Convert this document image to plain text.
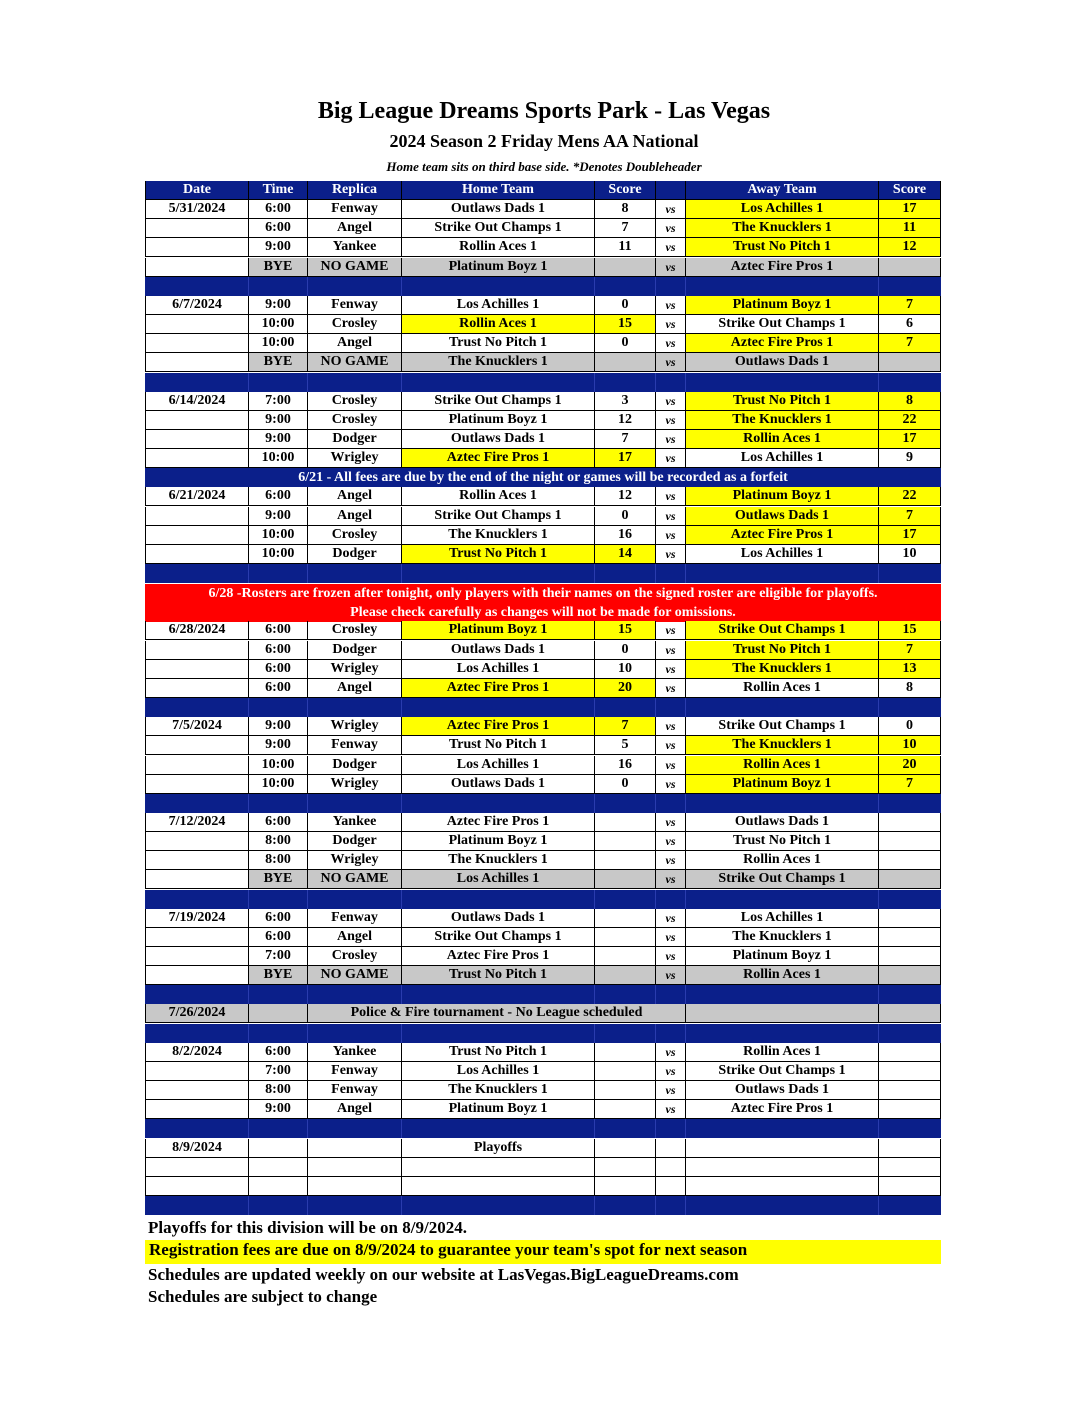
Big League Dreams Sports Park - Las Vegas
2024 Season 2 Friday Mens AA National
Home team sits on third base side. *Denotes Doubleheader
Date	Time	Replica	Home Team	Score	Away Team	Score
5/31/2024	6:00	Fenway	Outlaws Dads 1	8	vs	Los Achilles 1	17
6:00	Angel	Strike Out Champs 1	7	vs	The Knucklers 1	11
9:00	Yankee	Rollin Aces 1	11	vs	Trust No Pitch 1	12
BYE	NO GAME	Platinum Boyz 1	vs	Aztec Fire Pros 1
6/7/2024	9:00	Fenway	Los Achilles 1	0	vs	Platinum Boyz 1	7
10:00	Crosley	Rollin Aces 1	15	vs	Strike Out Champs 1	6
10:00	Angel	Trust No Pitch 1	0	vs	Aztec Fire Pros 1	7
BYE	NO GAME	The Knucklers 1	vs	Outlaws Dads 1
6/14/2024	7:00	Crosley	Strike Out Champs 1	3	vs	Trust No Pitch 1	8
9:00	Crosley	Platinum Boyz 1	12	vs	The Knucklers 1	22
9:00	Dodger	Outlaws Dads 1	7	vs	Rollin Aces 1	17
10:00	Wrigley	Aztec Fire Pros 1	17	vs	Los Achilles 1	9
6/21 - All fees are due by the end of the night or games will be recorded as a forfeit
6/21/2024	6:00	Angel	Rollin Aces 1	12	vs	Platinum Boyz 1	22
9:00	Angel	Strike Out Champs 1	0	vs	Outlaws Dads 1	7
10:00	Crosley	The Knucklers 1	16	vs	Aztec Fire Pros 1	17
10:00	Dodger	Trust No Pitch 1	14	vs	Los Achilles 1	10
6/28 -Rosters are frozen after tonight, only players with their names on the signed roster are eligible for playoffs.
Please check carefully as changes will not be made for omissions.
6/28/2024	6:00	Crosley	Platinum Boyz 1	15	vs	Strike Out Champs 1	15
6:00	Dodger	Outlaws Dads 1	0	vs	Trust No Pitch 1	7
6:00	Wrigley	Los Achilles 1	10	vs	The Knucklers 1	13
6:00	Angel	Aztec Fire Pros 1	20	vs	Rollin Aces 1	8
7/5/2024	9:00	Wrigley	Aztec Fire Pros 1	7	vs	Strike Out Champs 1	0
9:00	Fenway	Trust No Pitch 1	5	vs	The Knucklers 1	10
10:00	Dodger	Los Achilles 1	16	vs	Rollin Aces 1	20
10:00	Wrigley	Outlaws Dads 1	0	vs	Platinum Boyz 1	7
7/12/2024	6:00	Yankee	Aztec Fire Pros 1	vs	Outlaws Dads 1
8:00	Dodger	Platinum Boyz 1	vs	Trust No Pitch 1
8:00	Wrigley	The Knucklers 1	vs	Rollin Aces 1
BYE	NO GAME	Los Achilles 1	vs	Strike Out Champs 1
7/19/2024	6:00	Fenway	Outlaws Dads 1	vs	Los Achilles 1
6:00	Angel	Strike Out Champs 1	vs	The Knucklers 1
7:00	Crosley	Aztec Fire Pros 1	vs	Platinum Boyz 1
BYE	NO GAME	Trust No Pitch 1	vs	Rollin Aces 1
7/26/2024	Police & Fire tournament - No League scheduled
8/2/2024	6:00	Yankee	Trust No Pitch 1	vs	Rollin Aces 1
7:00	Fenway	Los Achilles 1	vs	Strike Out Champs 1
8:00	Fenway	The Knucklers 1	vs	Outlaws Dads 1
9:00	Angel	Platinum Boyz 1	vs	Aztec Fire Pros 1
8/9/2024	Playoffs
Playoffs for this division will be on 8/9/2024.
Registration fees are due on 8/9/2024 to guarantee your team's spot for next season
Schedules are updated weekly on our website at LasVegas.BigLeagueDreams.com
Schedules are subject to change
